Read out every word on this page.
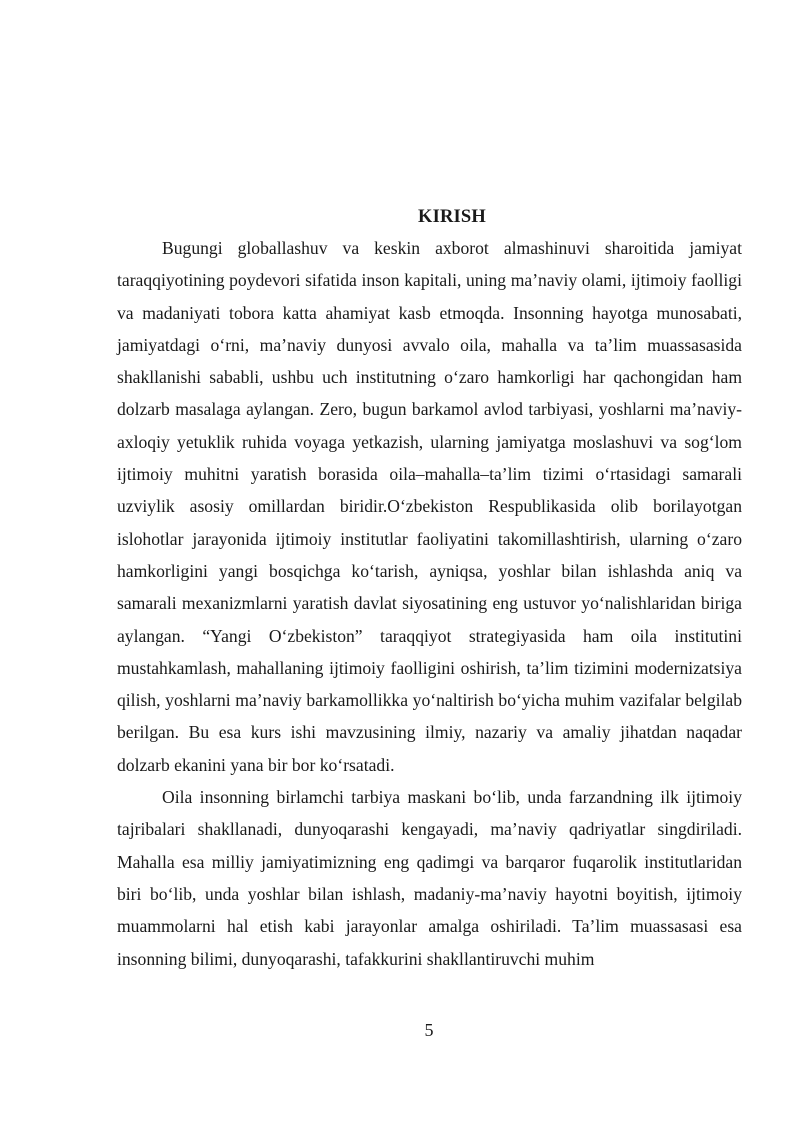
KIRISH

Bugungi globallashuv va keskin axborot almashinuvi sharoitida jamiyat taraqqiyotining poydevori sifatida inson kapitali, uning ma’naviy olami, ijtimoiy faolligi va madaniyati tobora katta ahamiyat kasb etmoqda. Insonning hayotga munosabati, jamiyatdagi o‘rni, ma’naviy dunyosi avvalo oila, mahalla va ta’lim muassasasida shakllanishi sababli, ushbu uch institutning o‘zaro hamkorligi har qachongidan ham dolzarb masalaga aylangan. Zero, bugun barkamol avlod tarbiyasi, yoshlarni ma’naviy-axloqiy yetuklik ruhida voyaga yetkazish, ularning jamiyatga moslashuvi va sog‘lom ijtimoiy muhitni yaratish borasida oila–mahalla–ta’lim tizimi o‘rtasidagi samarali uzviylik asosiy omillardan biridir.O‘zbekiston Respublikasida olib borilayotgan islohotlar jarayonida ijtimoiy institutlar faoliyatini takomillashtirish, ularning o‘zaro hamkorligini yangi bosqichga ko‘tarish, ayniqsa, yoshlar bilan ishlashda aniq va samarali mexanizmlarni yaratish davlat siyosatining eng ustuvor yo‘nalishlaridan biriga aylangan. “Yangi O‘zbekiston” taraqqiyot strategiyasida ham oila institutini mustahkamlash, mahallaning ijtimoiy faolligini oshirish, ta’lim tizimini modernizatsiya qilish, yoshlarni ma’naviy barkamollikka yo‘naltirish bo‘yicha muhim vazifalar belgilab berilgan. Bu esa kurs ishi mavzusining ilmiy, nazariy va amaliy jihatdan naqadar dolzarb ekanini yana bir bor ko‘rsatadi.

Oila insonning birlamchi tarbiya maskani bo‘lib, unda farzandning ilk ijtimoiy tajribalari shakllanadi, dunyoqarashi kengayadi, ma’naviy qadriyatlar singdiriladi. Mahalla esa milliy jamiyatimizning eng qadimgi va barqaror fuqarolik institutlaridan biri bo‘lib, unda yoshlar bilan ishlash, madaniy-ma’naviy hayotni boyitish, ijtimoiy muammolarni hal etish kabi jarayonlar amalga oshiriladi. Ta’lim muassasasi esa insonning bilimi, dunyoqarashi, tafakkurini shakllantiruvchi muhim

5
